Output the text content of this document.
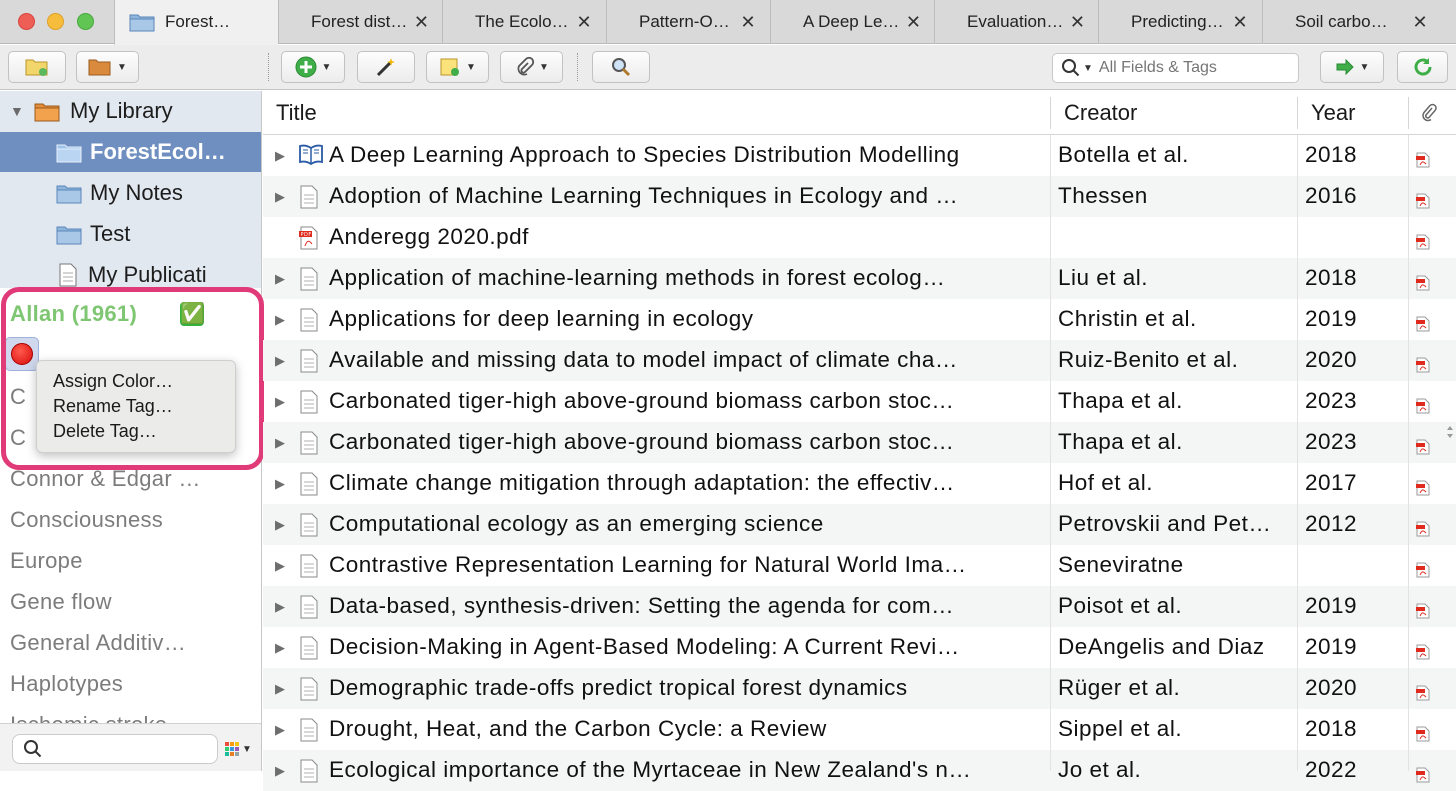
Forest…	Forest dist… ✕	The Ecolo… ✕	Pattern-O… ✕	A Deep Le… ✕	Evaluation… ✕	Predicting… ✕	Soil carbo…	✕
▼	▼	▼	▼	▼
All Fields & Tags	▼
▼ My Library
ForestEcol…
My Notes
Test
My Publicati
Allan (1961) ✅
C
C
Connor & Edgar …
Consciousness
Europe
Gene flow
General Additiv…
Haplotypes
▼
Assign Color…
Rename Tag…
Delete Tag…
Title	Creator	Year
▶ A Deep Learning Approach to Species Distribution Modelling	Botella et al.	2018
▶ Adoption of Machine Learning Techniques in Ecology and …	Thessen	2016
PDF Anderegg 2020.pdf
▶ Application of machine-learning methods in forest ecolog…	Liu et al.	2018
▶ Applications for deep learning in ecology	Christin et al.	2019
▶ Available and missing data to model impact of climate cha…	Ruiz-Benito et al.	2020
▶ Carbonated tiger-high above-ground biomass carbon stoc…	Thapa et al.	2023
▶ Carbonated tiger-high above-ground biomass carbon stoc…	Thapa et al.	2023
▶ Climate change mitigation through adaptation: the effectiv…	Hof et al.	2017
▶ Computational ecology as an emerging science	Petrovskii and Pet…	2012
▶ Contrastive Representation Learning for Natural World Ima…	Seneviratne
▶ Data-based, synthesis-driven: Setting the agenda for com…	Poisot et al.	2019
▶ Decision-Making in Agent-Based Modeling: A Current Revi…	DeAngelis and Diaz	2019
▶ Demographic trade-offs predict tropical forest dynamics	Rüger et al.	2020
▶ Drought, Heat, and the Carbon Cycle: a Review	Sippel et al.	2018
▶ Ecological importance of the Myrtaceae in New Zealand's n…	Jo et al.	2022
